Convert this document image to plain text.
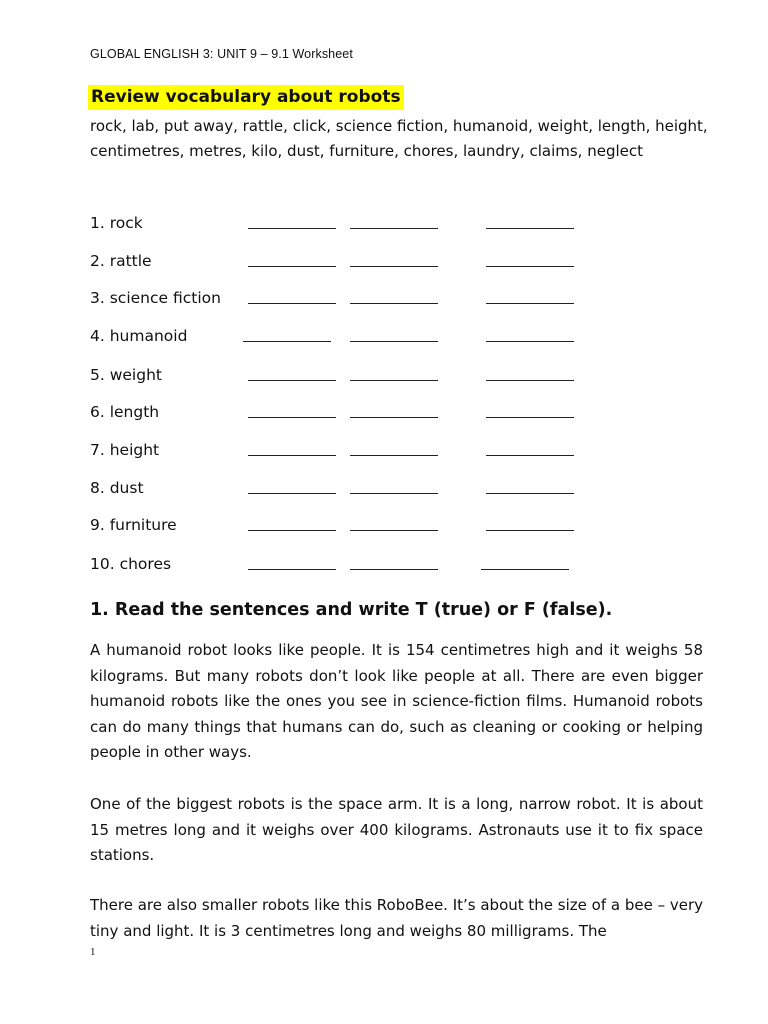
GLOBAL ENGLISH 3: UNIT 9 – 9.1 Worksheet
Review vocabulary about robots
rock, lab, put away, rattle, click, science fiction, humanoid, weight, length, height, centimetres, metres, kilo, dust, furniture, chores, laundry, claims, neglect
1. rock
2. rattle
3. science fiction
4. humanoid
5. weight
6. length
7. height
8. dust
9. furniture
10. chores
1. Read the sentences and write T (true) or F (false).
A humanoid robot looks like people. It is 154 centimetres high and it weighs 58 kilograms. But many robots don’t look like people at all. There are even bigger humanoid robots like the ones you see in science-fiction films. Humanoid robots can do many things that humans can do, such as cleaning or cooking or helping people in other ways.
One of the biggest robots is the space arm. It is a long, narrow robot. It is about 15 metres long and it weighs over 400 kilograms. Astronauts use it to fix space stations.
There are also smaller robots like this RoboBee. It’s about the size of a bee – very tiny and light. It is 3 centimetres long and weighs 80 milligrams. The
1
